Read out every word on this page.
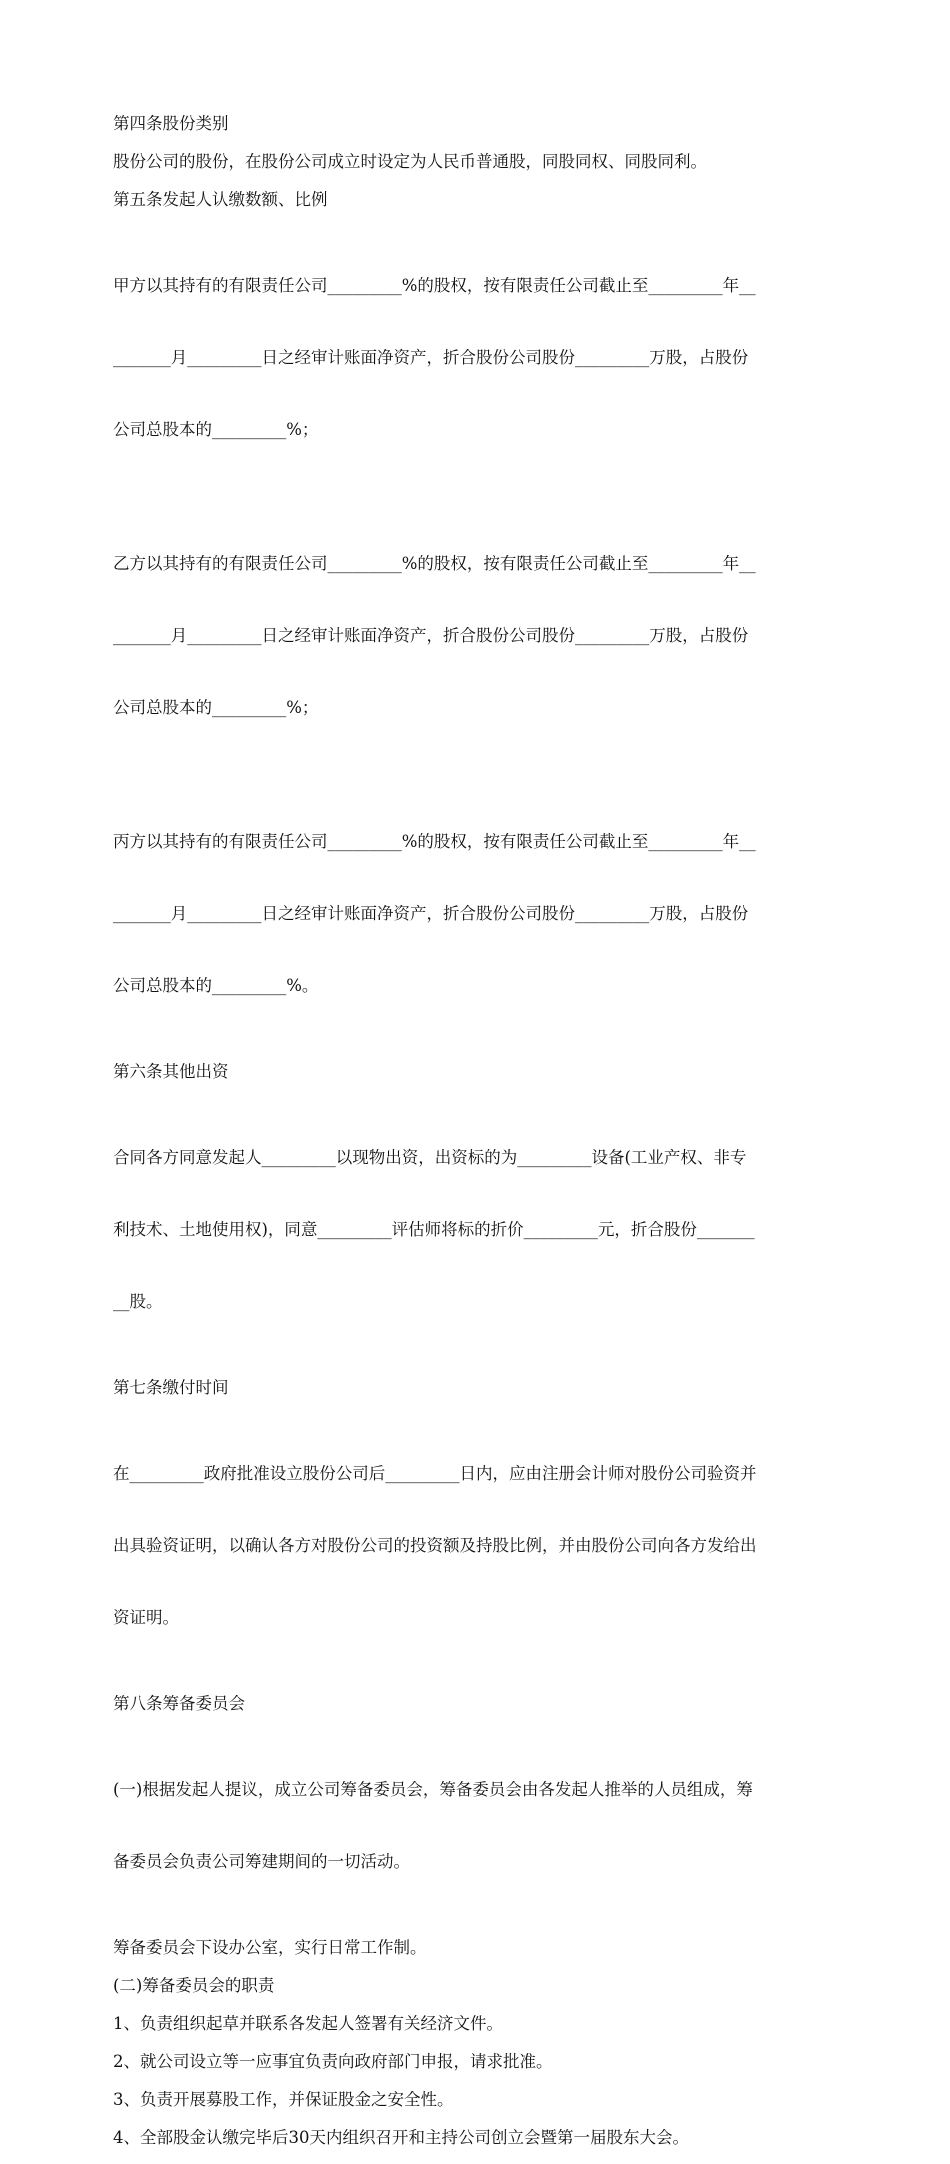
第四条股份类别

股份公司的股份，在股份公司成立时设定为人民币普通股，同股同权、同股同利。

第五条发起人认缴数额、比例

甲方以其持有的有限责任公司_________%的股权，按有限责任公司截止至_________年__

_______月_________日之经审计账面净资产，折合股份公司股份_________万股，占股份

公司总股本的_________%；

乙方以其持有的有限责任公司_________%的股权，按有限责任公司截止至_________年__

_______月_________日之经审计账面净资产，折合股份公司股份_________万股，占股份

公司总股本的_________%；

丙方以其持有的有限责任公司_________%的股权，按有限责任公司截止至_________年__

_______月_________日之经审计账面净资产，折合股份公司股份_________万股，占股份

公司总股本的_________%。

第六条其他出资

合同各方同意发起人_________以现物出资，出资标的为_________设备(工业产权、非专

利技术、土地使用权)，同意_________评估师将标的折价_________元，折合股份_______

__股。

第七条缴付时间

在_________政府批准设立股份公司后_________日内，应由注册会计师对股份公司验资并

出具验资证明，以确认各方对股份公司的投资额及持股比例，并由股份公司向各方发给出

资证明。

第八条筹备委员会

(一)根据发起人提议，成立公司筹备委员会，筹备委员会由各发起人推举的人员组成，筹

备委员会负责公司筹建期间的一切活动。

筹备委员会下设办公室，实行日常工作制。

(二)筹备委员会的职责

1、负责组织起草并联系各发起人签署有关经济文件。

2、就公司设立等一应事宜负责向政府部门申报，请求批准。

3、负责开展募股工作，并保证股金之安全性。

4、全部股金认缴完毕后30天内组织召开和主持公司创立会暨第一届股东大会。
